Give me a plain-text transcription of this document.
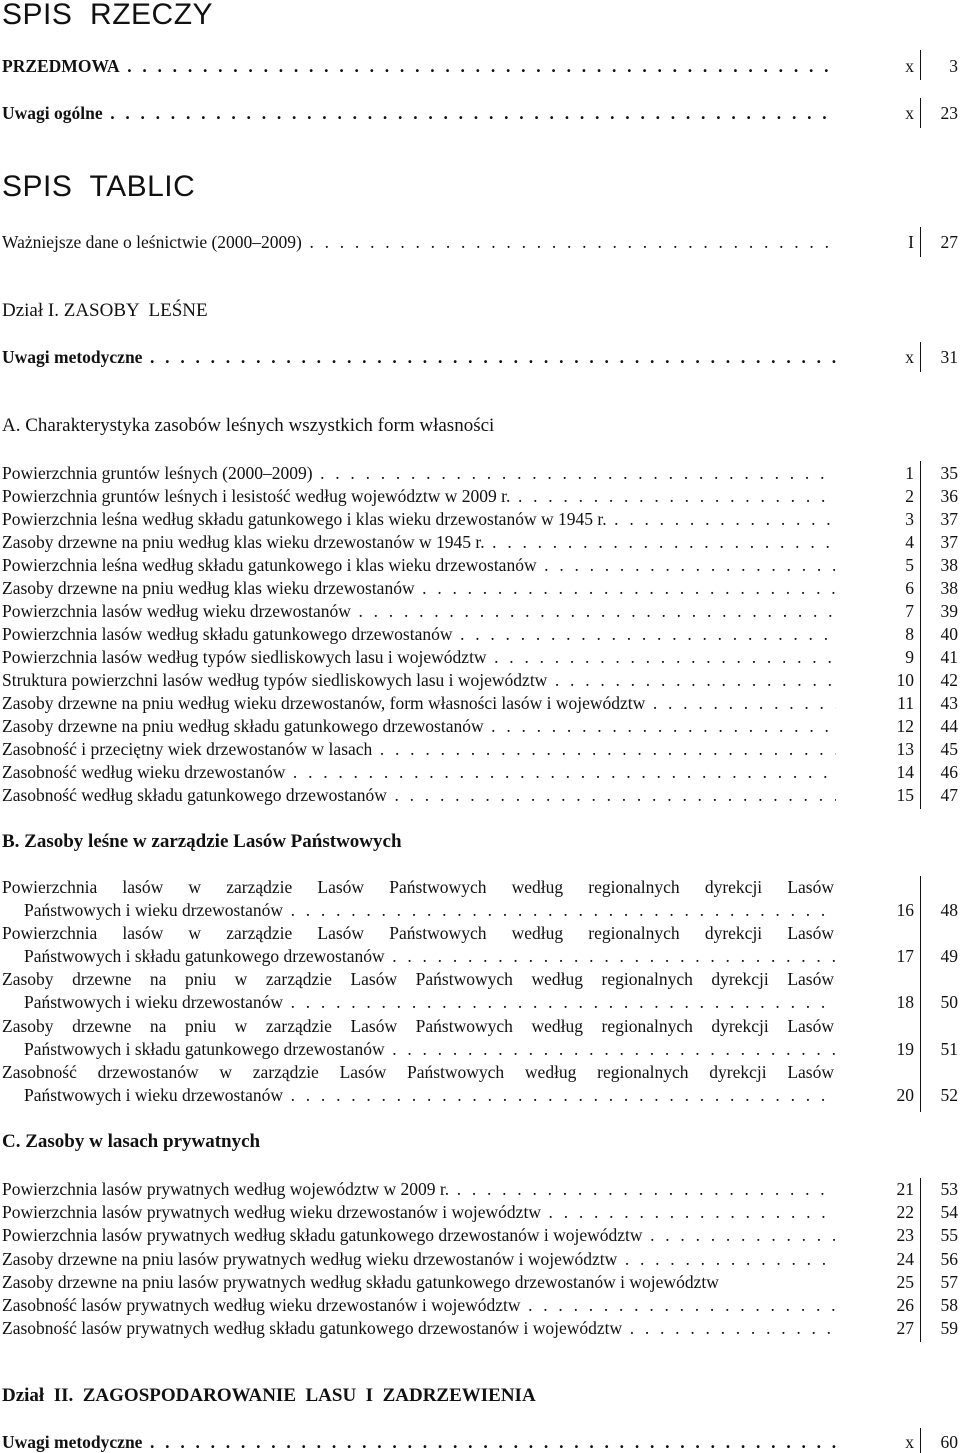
SPIS  RZECZY
PRZEDMOWA . . .	x	3
Uwagi ogólne . . .	x	23
SPIS  TABLIC
Ważniejsze dane o leśnictwie (2000–2009) . . .	I	27
Dział I. ZASOBY  LEŚNE
Uwagi metodyczne . . .	x	31
A. Charakterystyka zasobów leśnych wszystkich form własności
Powierzchnia gruntów leśnych (2000–2009) . . .	1	35
Powierzchnia gruntów leśnych i lesistość według województw w 2009 r. . . .	2	36
Powierzchnia leśna według składu gatunkowego i klas wieku drzewostanów w 1945 r. . . .	3	37
Zasoby drzewne na pniu według klas wieku drzewostanów w 1945 r. . . .	4	37
Powierzchnia leśna według składu gatunkowego i klas wieku drzewostanów . . .	5	38
Zasoby drzewne na pniu według klas wieku drzewostanów . . .	6	38
Powierzchnia lasów według wieku drzewostanów . . .	7	39
Powierzchnia lasów według składu gatunkowego drzewostanów . . .	8	40
Powierzchnia lasów według typów siedliskowych lasu i województw . . .	9	41
Struktura powierzchni lasów według typów siedliskowych lasu i województw . . .	10	42
Zasoby drzewne na pniu według wieku drzewostanów, form własności lasów i województw . . .	11	43
Zasoby drzewne na pniu według składu gatunkowego drzewostanów . . .	12	44
Zasobność i przeciętny wiek drzewostanów w lasach . . .	13	45
Zasobność według wieku drzewostanów . . .	14	46
Zasobność według składu gatunkowego drzewostanów . . .	15	47
B. Zasoby leśne w zarządzie Lasów Państwowych
Powierzchnia lasów w zarządzie Lasów Państwowych według regionalnych dyrekcji Lasów
Państwowych i wieku drzewostanów . . .	16	48
Powierzchnia lasów w zarządzie Lasów Państwowych według regionalnych dyrekcji Lasów
Państwowych i składu gatunkowego drzewostanów . . .	17	49
Zasoby drzewne na pniu w zarządzie Lasów Państwowych według regionalnych dyrekcji Lasów
Państwowych i wieku drzewostanów . . .	18	50
Zasoby drzewne na pniu w zarządzie Lasów Państwowych według regionalnych dyrekcji Lasów
Państwowych i składu gatunkowego drzewostanów . . .	19	51
Zasobność drzewostanów w zarządzie Lasów Państwowych według regionalnych dyrekcji Lasów
Państwowych i wieku drzewostanów . . .	20	52
C. Zasoby w lasach prywatnych
Powierzchnia lasów prywatnych według województw w 2009 r. . . .	21	53
Powierzchnia lasów prywatnych według wieku drzewostanów i województw . . .	22	54
Powierzchnia lasów prywatnych według składu gatunkowego drzewostanów i województw . . .	23	55
Zasoby drzewne na pniu lasów prywatnych według wieku drzewostanów i województw . . .	24	56
Zasoby drzewne na pniu lasów prywatnych według składu gatunkowego drzewostanów i województw	25	57
Zasobność lasów prywatnych według wieku drzewostanów i województw . . .	26	58
Zasobność lasów prywatnych według składu gatunkowego drzewostanów i województw . . .	27	59
Dział  II.  ZAGOSPODAROWANIE  LASU  I  ZADRZEWIENIA
Uwagi metodyczne . . .	x	60
